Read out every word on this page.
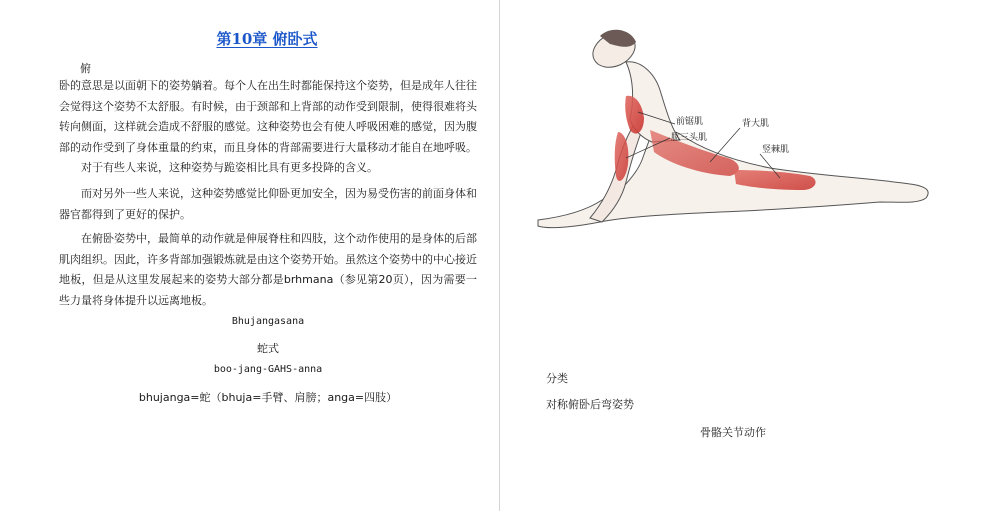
第10章 俯卧式
俯
卧的意思是以面朝下的姿势躺着。每个人在出生时都能保持这个姿势，但是成年人往往会觉得这个姿势不太舒服。有时候，由于颈部和上背部的动作受到限制，使得很难将头转向侧面，这样就会造成不舒服的感觉。这种姿势也会有使人呼吸困难的感觉，因为腹部的动作受到了身体重量的约束，而且身体的背部需要进行大量移动才能自在地呼吸。
对于有些人来说，这种姿势与跪姿相比具有更多投降的含义。
而对另外一些人来说，这种姿势感觉比仰卧更加安全，因为易受伤害的前面身体和器官都得到了更好的保护。
在俯卧姿势中，最简单的动作就是伸展脊柱和四肢，这个动作使用的是身体的后部肌肉组织。因此，许多背部加强锻炼就是由这个姿势开始。虽然这个姿势中的中心接近地板，但是从这里发展起来的姿势大部分都是brhmana（参见第20页），因为需要一些力量将身体提升以远离地板。
Bhujangasana
蛇式
boo-jang-GAHS-anna
bhujanga=蛇（bhuja=手臂、肩膀；anga=四肢）
前锯肌
肱三头肌
背大肌
竖棘肌
分类
对称俯卧后弯姿势
骨骼关节动作
